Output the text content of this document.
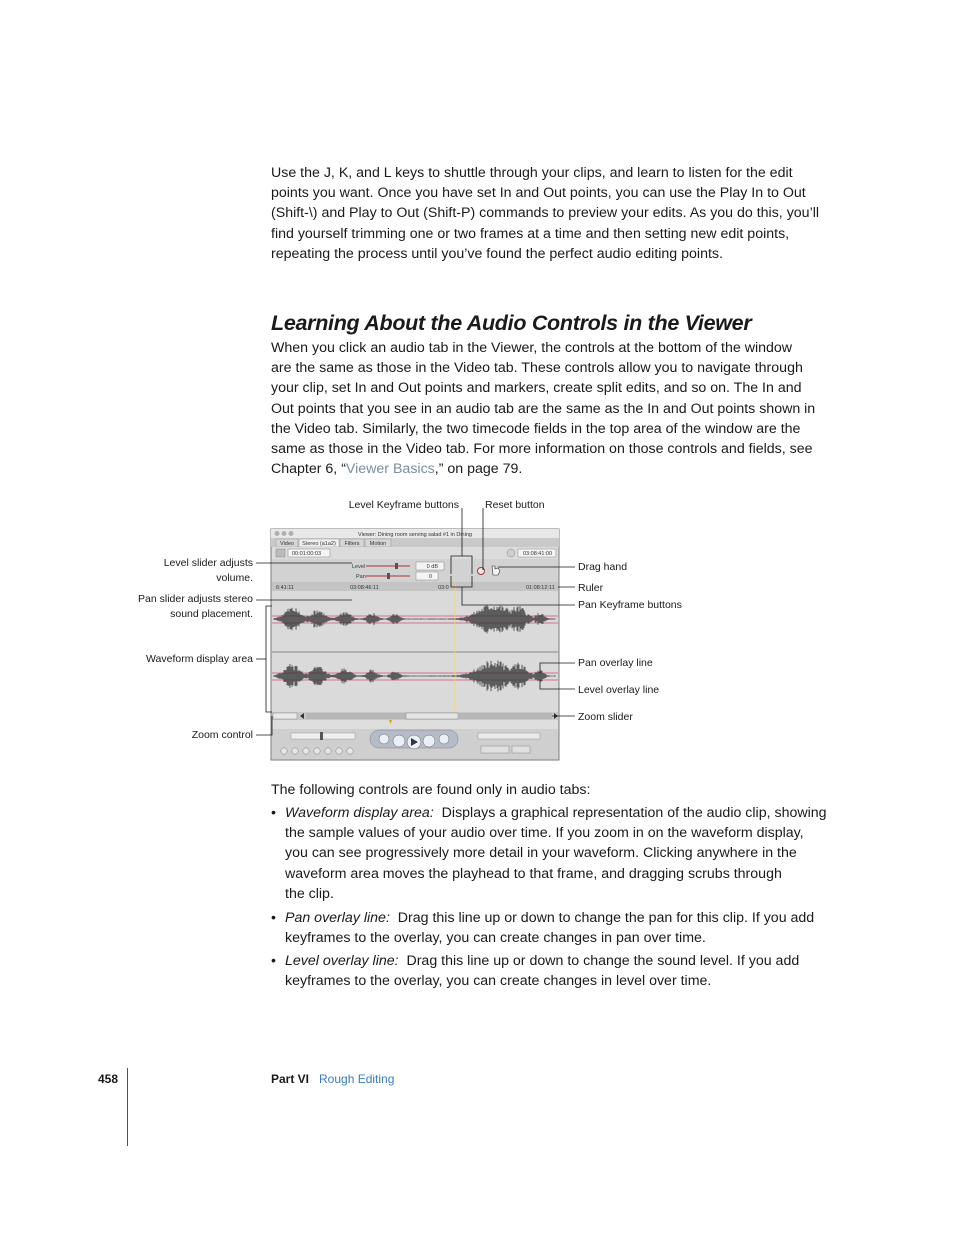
Use the J, K, and L keys to shuttle through your clips, and learn to listen for the edit
points you want. Once you have set In and Out points, you can use the Play In to Out
(Shift-\) and Play to Out (Shift-P) commands to preview your edits. As you do this, you’ll
find yourself trimming one or two frames at a time and then setting new edit points,
repeating the process until you’ve found the perfect audio editing points.

Learning About the Audio Controls in the Viewer

When you click an audio tab in the Viewer, the controls at the bottom of the window
are the same as those in the Video tab. These controls allow you to navigate through
your clip, set In and Out points and markers, create split edits, and so on. The In and
Out points that you see in an audio tab are the same as the In and Out points shown in
the Video tab. Similarly, the two timecode fields in the top area of the window are the
same as those in the Video tab. For more information on those controls and fields, see
Chapter 6, “Viewer Basics,” on page 79.

Viewer: Dining room serving salad #1 in Dining
Video Stereo (a1a2) Filters Motion
00:01:00:03	03:08:41:00
Level	0 dB
Pan	0
6:41:11	03:08:46:11	03:0	01:08:12:11
Level Keyframe buttons Reset button
Level slider adjusts
volume.
Pan slider adjusts stereo
sound placement.
Waveform display area
Zoom control
Drag hand
Ruler
Pan Keyframe buttons
Pan overlay line
Level overlay line
Zoom slider

The following controls are found only in audio tabs:

• Waveform display area: Displays a graphical representation of the audio clip, showing
the sample values of your audio over time. If you zoom in on the waveform display,
you can see progressively more detail in your waveform. Clicking anywhere in the
waveform area moves the playhead to that frame, and dragging scrubs through
the clip.
• Pan overlay line: Drag this line up or down to change the pan for this clip. If you add
keyframes to the overlay, you can create changes in pan over time.
• Level overlay line: Drag this line up or down to change the sound level. If you add
keyframes to the overlay, you can create changes in level over time.
458	Part VI Rough Editing
